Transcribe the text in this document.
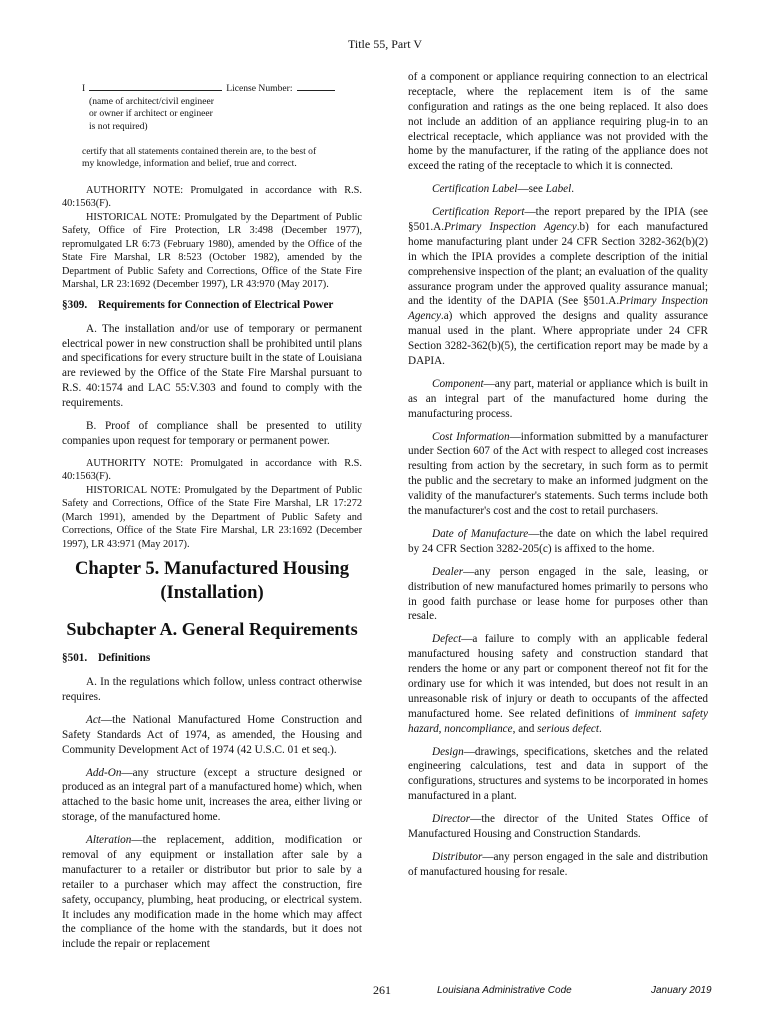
Title 55, Part V
I	License Number:
(name of architect/civil engineer
or owner if architect or engineer
is not required)
certify that all statements contained therein are, to the best of
my knowledge, information and belief, true and correct.

AUTHORITY NOTE: Promulgated in accordance with R.S. 40:1563(F).

HISTORICAL NOTE: Promulgated by the Department of Public Safety, Office of Fire Protection, LR 3:498 (December 1977), repromulgated LR 6:73 (February 1980), amended by the Office of the State Fire Marshal, LR 8:523 (October 1982), amended by the Department of Public Safety and Corrections, Office of the State Fire Marshal, LR 23:1692 (December 1997), LR 43:970 (May 2017).

§309. Requirements for Connection of Electrical Power

A. The installation and/or use of temporary or permanent electrical power in new construction shall be prohibited until plans and specifications for every structure built in the state of Louisiana are reviewed by the Office of the State Fire Marshal pursuant to R.S. 40:1574 and LAC 55:V.303 and found to comply with the requirements.

B. Proof of compliance shall be presented to utility companies upon request for temporary or permanent power.

AUTHORITY NOTE: Promulgated in accordance with R.S. 40:1563(F).

HISTORICAL NOTE: Promulgated by the Department of Public Safety and Corrections, Office of the State Fire Marshal, LR 17:272 (March 1991), amended by the Department of Public Safety and Corrections, Office of the State Fire Marshal, LR 23:1692 (December 1997), LR 43:971 (May 2017).

Chapter 5. Manufactured Housing
(Installation)
Subchapter A. General Requirements
§501. Definitions

A. In the regulations which follow, unless contract otherwise requires.

Act—the National Manufactured Home Construction and Safety Standards Act of 1974, as amended, the Housing and Community Development Act of 1974 (42 U.S.C. 01 et seq.).

Add-On—any structure (except a structure designed or produced as an integral part of a manufactured home) which, when attached to the basic home unit, increases the area, either living or storage, of the manufactured home.

Alteration—the replacement, addition, modification or removal of any equipment or installation after sale by a manufacturer to a retailer or distributor but prior to sale by a retailer to a purchaser which may affect the construction, fire safety, occupancy, plumbing, heat producing, or electrical system. It includes any modification made in the home which may affect the compliance of the home with the standards, but it does not include the repair or replacement

of a component or appliance requiring connection to an electrical receptacle, where the replacement item is of the same configuration and ratings as the one being replaced. It also does not include an addition of an appliance requiring plug-in to an electrical receptacle, which appliance was not provided with the home by the manufacturer, if the rating of the appliance does not exceed the rating of the receptacle to which it is connected.

Certification Label—see Label.

Certification Report—the report prepared by the IPIA (see §501.A.Primary Inspection Agency.b) for each manufactured home manufacturing plant under 24 CFR Section 3282-362(b)(2) in which the IPIA provides a complete description of the initial comprehensive inspection of the plant; an evaluation of the quality assurance program under the approved quality assurance manual; and the identity of the DAPIA (See §501.A.Primary Inspection Agency.a) which approved the designs and quality assurance manual used in the plant. Where appropriate under 24 CFR Section 3282-362(b)(5), the certification report may be made by a DAPIA.

Component—any part, material or appliance which is built in as an integral part of the manufactured home during the manufacturing process.

Cost Information—information submitted by a manufacturer under Section 607 of the Act with respect to alleged cost increases resulting from action by the secretary, in such form as to permit the public and the secretary to make an informed judgment on the validity of the manufacturer's statements. Such terms include both the manufacturer's cost and the cost to retail purchasers.

Date of Manufacture—the date on which the label required by 24 CFR Section 3282-205(c) is affixed to the home.

Dealer—any person engaged in the sale, leasing, or distribution of new manufactured homes primarily to persons who in good faith purchase or lease home for purposes other than resale.

Defect—a failure to comply with an applicable federal manufactured housing safety and construction standard that renders the home or any part or component thereof not fit for the ordinary use for which it was intended, but does not result in an unreasonable risk of injury or death to occupants of the affected manufactured home. See related definitions of imminent safety hazard, noncompliance, and serious defect.

Design—drawings, specifications, sketches and the related engineering calculations, test and data in support of the configurations, structures and systems to be incorporated in homes manufactured in a plant.

Director—the director of the United States Office of Manufactured Housing and Construction Standards.

Distributor—any person engaged in the sale and distribution of manufactured housing for resale.

261	Louisiana Administrative Code	January 2019
